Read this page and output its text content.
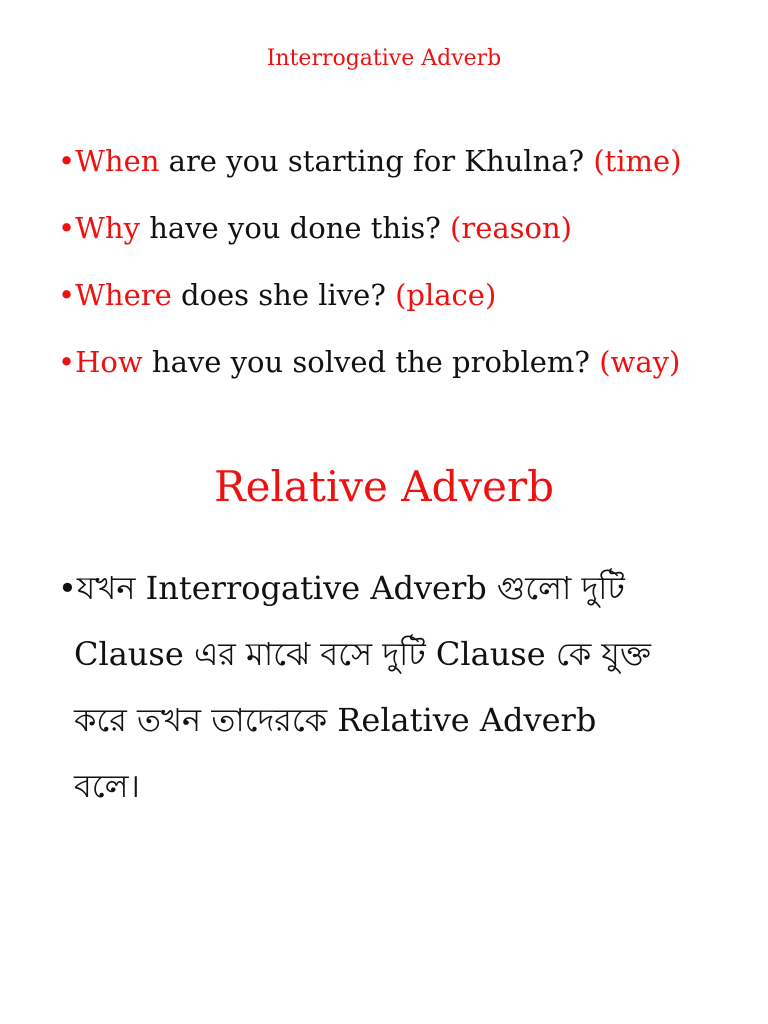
Interrogative Adverb
•When are you starting for Khulna? (time)
•Why have you done this? (reason)
•Where does she live? (place)
•How have you solved the problem? (way)
Relative Adverb
•যখন Interrogative Adverb গুলো দুটি
Clause এর মাঝে বসে দুটি Clause কে যুক্ত
করে তখন তাদেরকে Relative Adverb
বলে।
